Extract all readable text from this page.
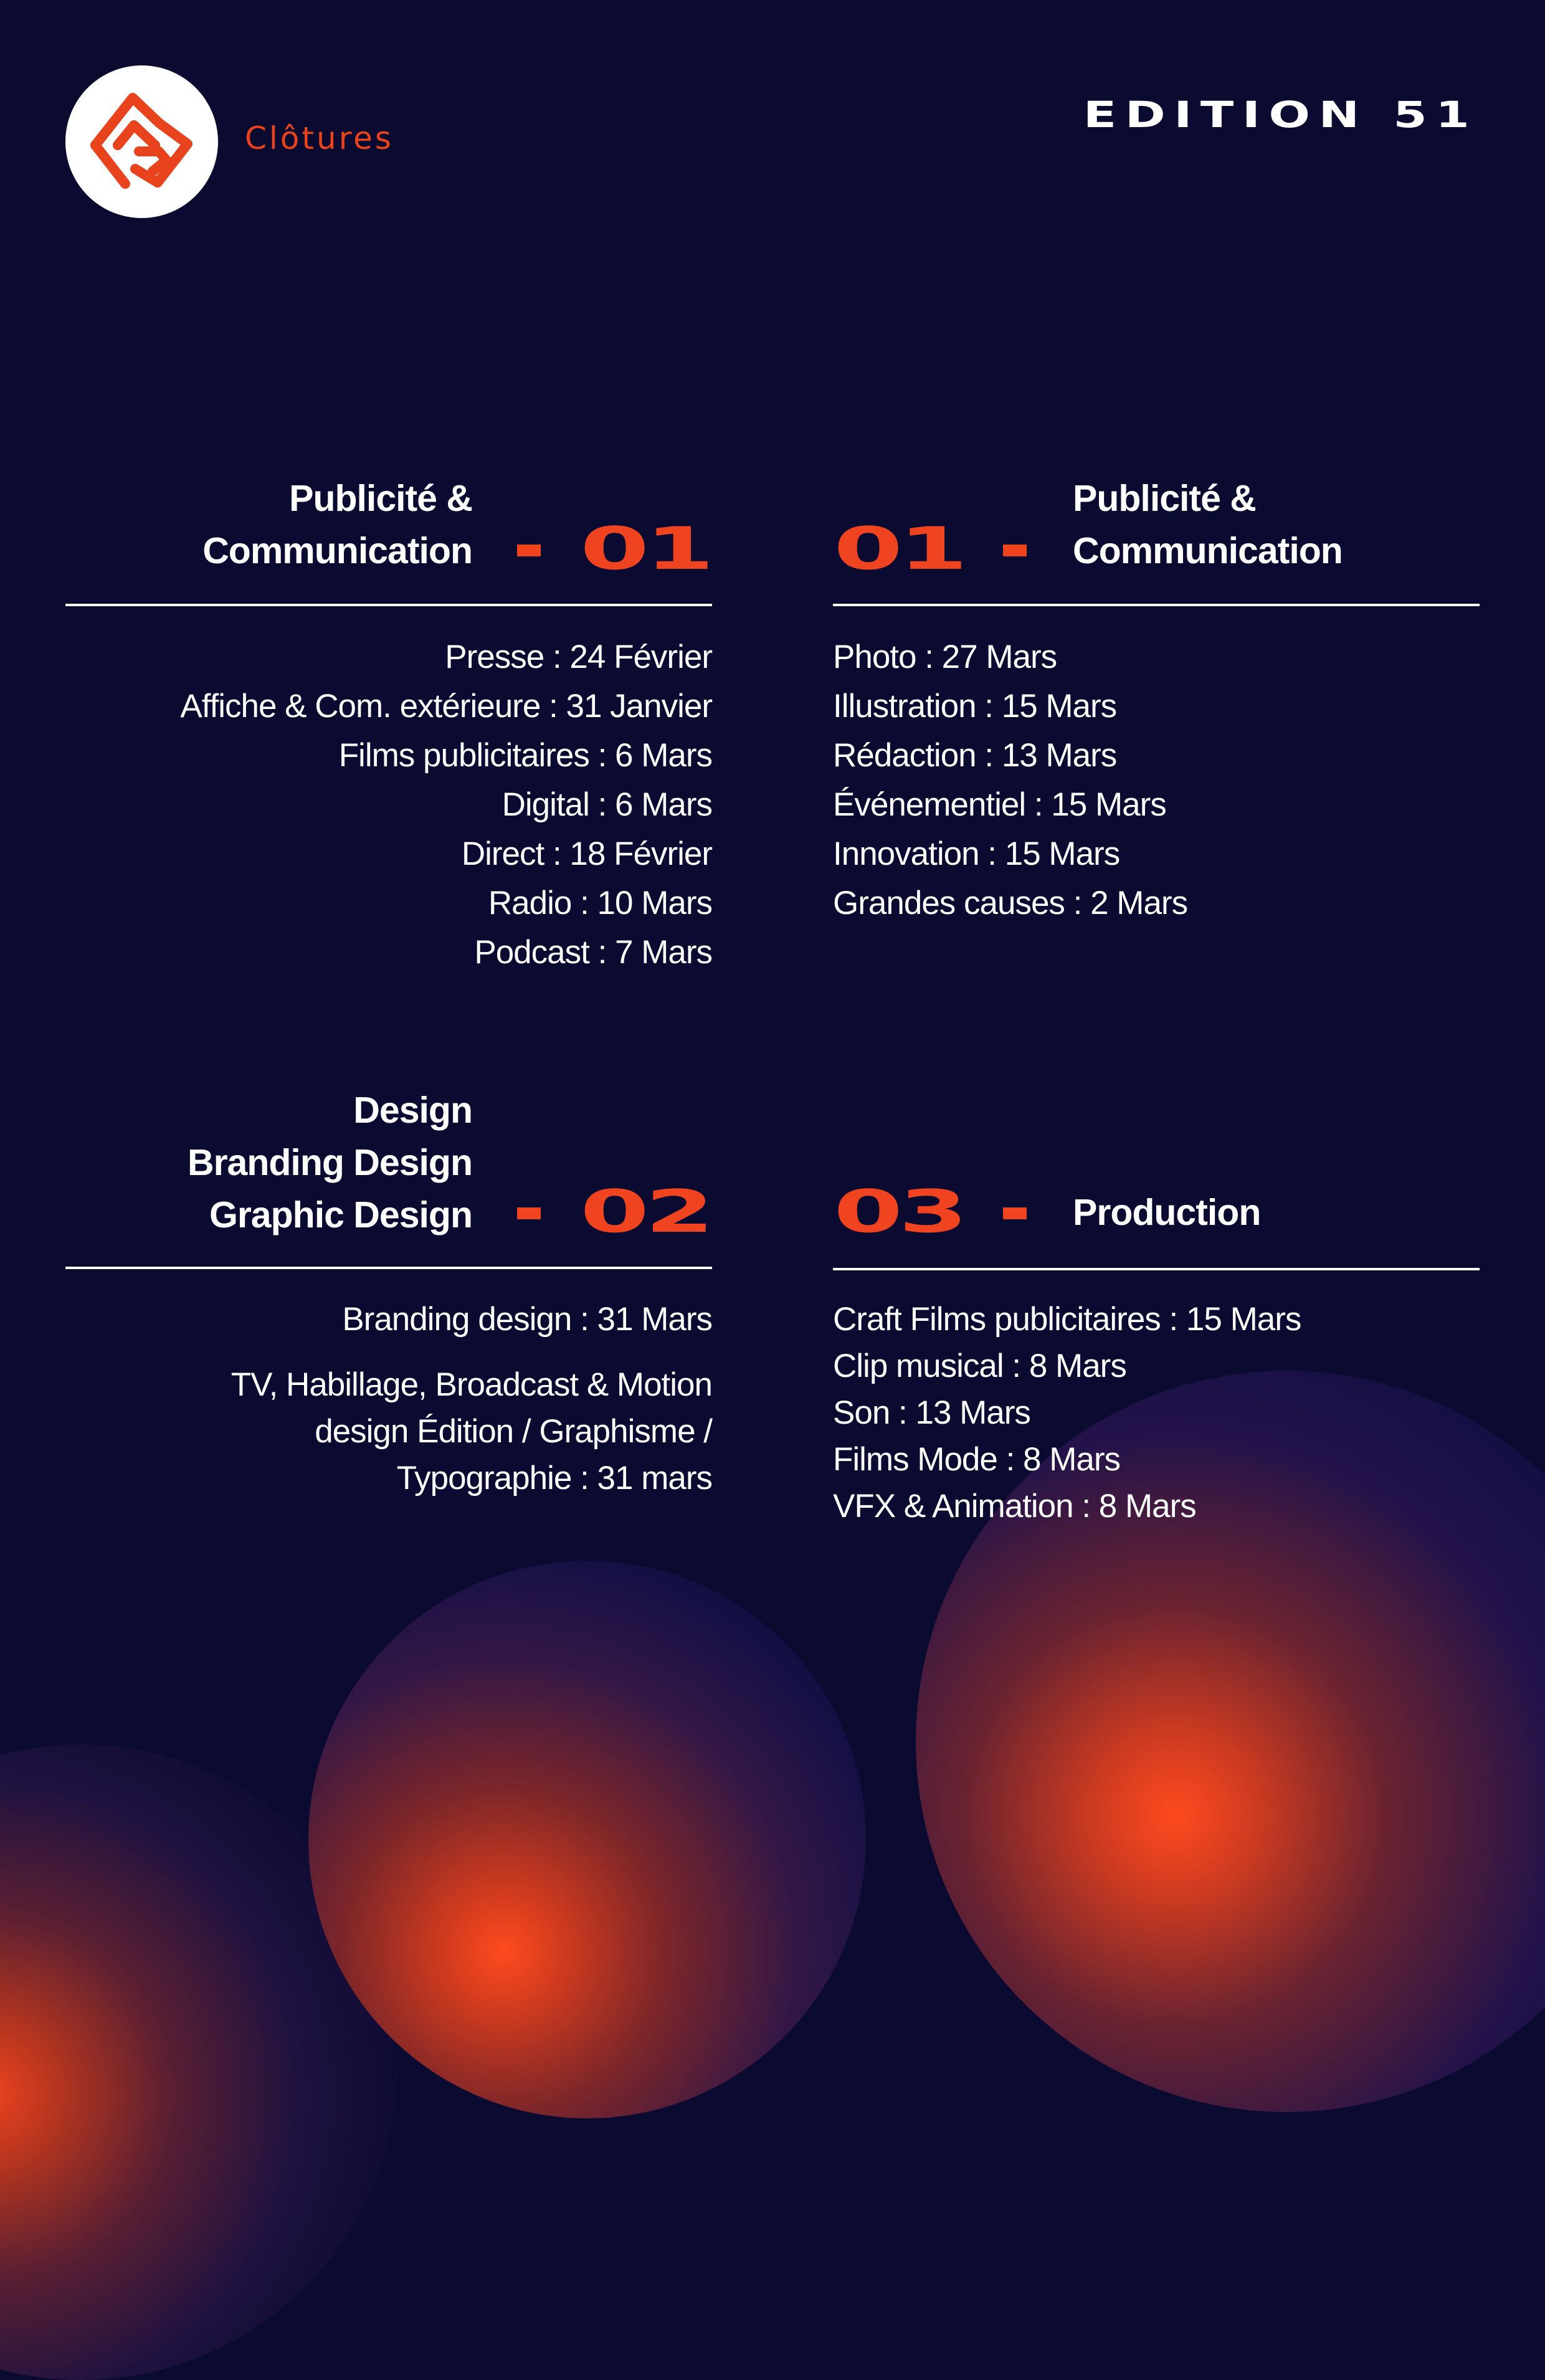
Clôtures
EDITION 51
Publicité &
Communication 01
Presse : 24 Février
Affiche & Com. extérieure : 31 Janvier
Films publicitaires : 6 Mars
Digital : 6 Mars
Direct : 18 Février
Radio : 10 Mars
Podcast : 7 Mars
01
Publicité &
Communication
Photo : 27 Mars
Illustration : 15 Mars
Rédaction : 13 Mars
Événementiel : 15 Mars
Innovation : 15 Mars
Grandes causes : 2 Mars
Design
Branding Design
Graphic Design 02
Branding design : 31 Mars
TV, Habillage, Broadcast & Motion
design Édition / Graphisme /
Typographie : 31 mars
03	Production
Craft Films publicitaires : 15 Mars
Clip musical : 8 Mars
Son : 13 Mars
Films Mode : 8 Mars
VFX & Animation : 8 Mars
